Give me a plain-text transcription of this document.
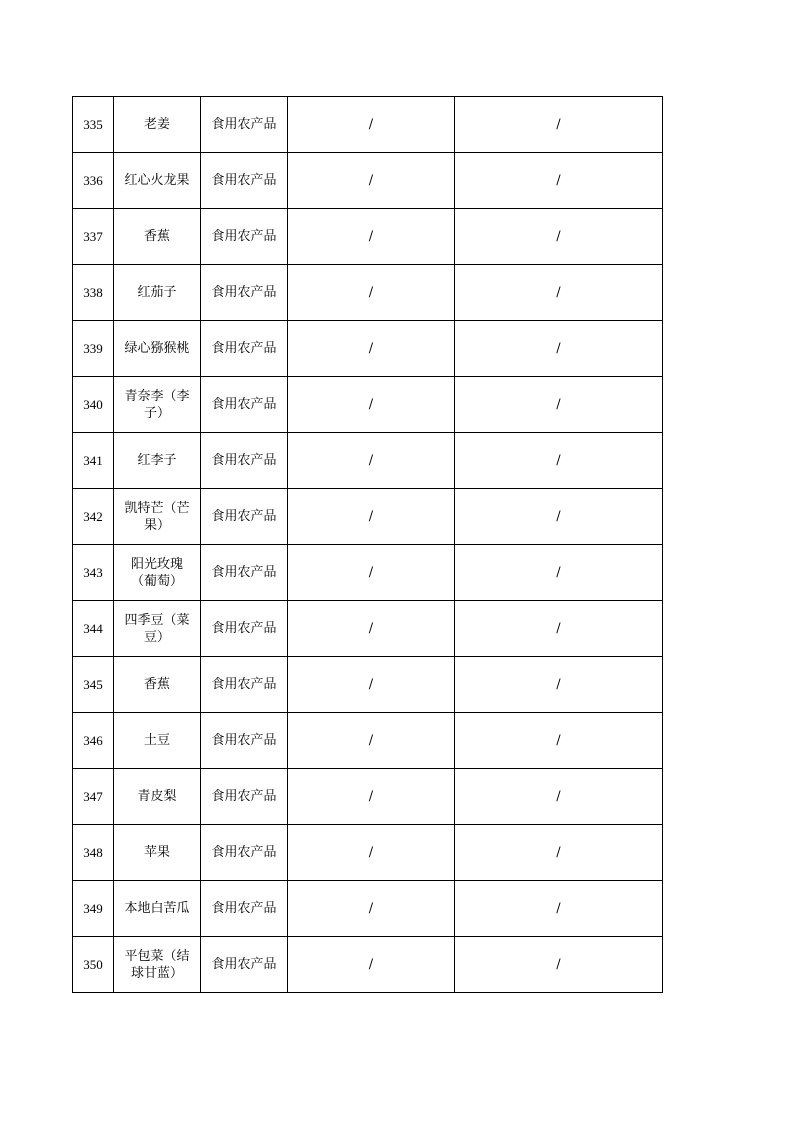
335	老姜	食用农产品	/	/
336	红心火龙果	食用农产品	/	/
337	香蕉	食用农产品	/	/
338	红茄子	食用农产品	/	/
339	绿心猕猴桃	食用农产品	/	/
340	青奈李（李子）	食用农产品	/	/
341	红李子	食用农产品	/	/
342	凯特芒（芒果）	食用农产品	/	/
343	阳光玫瑰（葡萄）	食用农产品	/	/
344	四季豆（菜豆）	食用农产品	/	/
345	香蕉	食用农产品	/	/
346	土豆	食用农产品	/	/
347	青皮梨	食用农产品	/	/
348	苹果	食用农产品	/	/
349	本地白苦瓜	食用农产品	/	/
350	平包菜（结球甘蓝）	食用农产品	/	/
